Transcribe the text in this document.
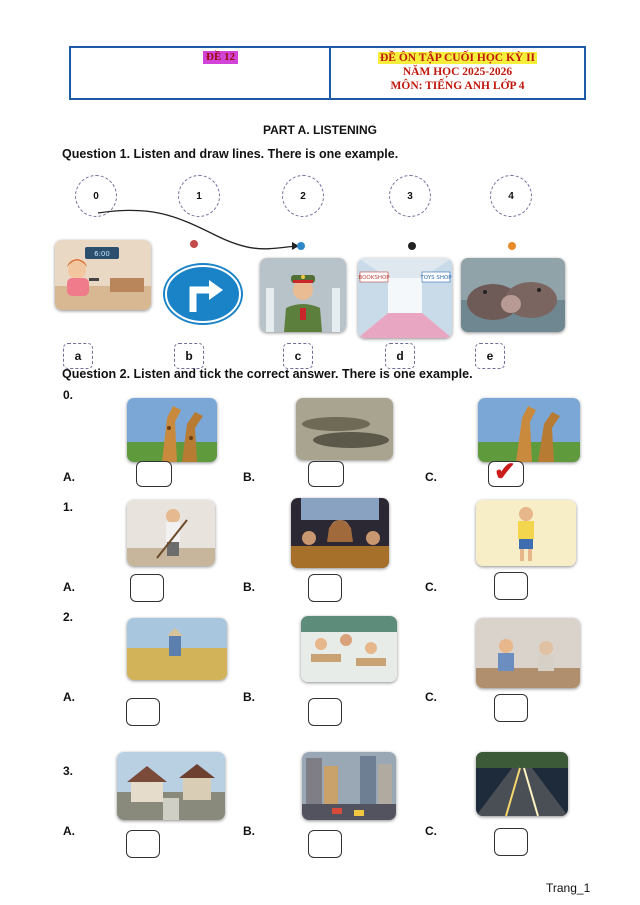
ĐỀ 12	ĐỀ ÔN TẬP CUỐI HỌC KỲ II
NĂM HỌC 2025-2026
MÔN: TIẾNG ANH LỚP 4
PART A. LISTENING
Question 1. Listen and draw lines. There is one example.
0	1	2	3	4
6:00
BOOKSHOP	TOYS SHOP
a	b	c	d	e
Question 2. Listen and tick the correct answer. There is one example.
0.
A.	B.	C. ✔
1.
A.	B.	C.
2.
A.	B.	C.
3.
A.	B.	C.
Trang_1
